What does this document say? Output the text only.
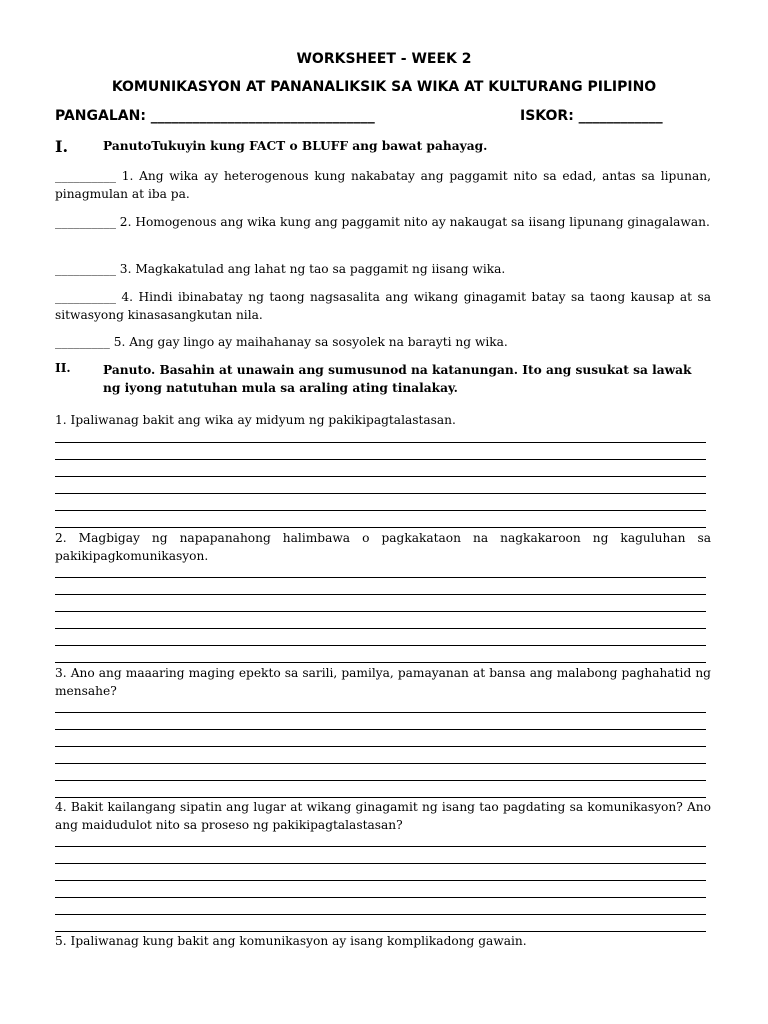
WORKSHEET - WEEK 2
KOMUNIKASYON AT PANANALIKSIK SA WIKA AT KULTURANG PILIPINO
PANGALAN: ________________________________	ISKOR: ____________
I.	PanutoTukuyin kung FACT o BLUFF ang bawat pahayag.
__________ 1. Ang wika ay heterogenous kung nakabatay ang paggamit nito sa edad, antas sa lipunan, pinagmulan at iba pa.
__________ 2. Homogenous ang wika kung ang paggamit nito ay nakaugat sa iisang lipunang ginagalawan.
__________ 3. Magkakatulad ang lahat ng tao sa paggamit ng iisang wika.
__________ 4. Hindi ibinabatay ng taong nagsasalita ang wikang ginagamit batay sa taong kausap at sa sitwasyong kinasasangkutan nila.
_________ 5. Ang gay lingo ay maihahanay sa sosyolek na barayti ng wika.
II.	Panuto. Basahin at unawain ang sumusunod na katanungan. Ito ang susukat sa lawak ng iyong natutuhan mula sa araling ating tinalakay.
1. Ipaliwanag bakit ang wika ay midyum ng pakikipagtalastasan.
2. Magbigay ng napapanahong halimbawa o pagkakataon na nagkakaroon ng kaguluhan sa pakikipagkomunikasyon.
3. Ano ang maaaring maging epekto sa sarili, pamilya, pamayanan at bansa ang malabong paghahatid ng mensahe?
4. Bakit kailangang sipatin ang lugar at wikang ginagamit ng isang tao pagdating sa komunikasyon? Ano ang maidudulot nito sa proseso ng pakikipagtalastasan?
5. Ipaliwanag kung bakit ang komunikasyon ay isang komplikadong gawain.
